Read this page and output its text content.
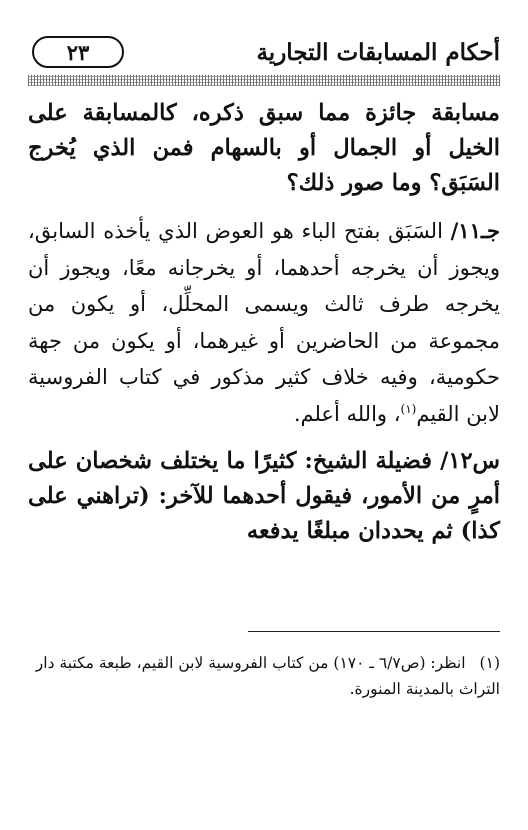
٢٣	أحكام المسابقات التجارية

مسابقة جائزة مما سبق ذكره، كالمسابقة على الخيل أو الجمال أو بالسهام فمن الذي يُخرج السَبَق؟ وما صور ذلك؟

جـ١١/ السَبَق بفتح الباء هو العوض الذي يأخذه السابق، ويجوز أن يخرجه أحدهما، أو يخرجانه معًا، ويجوز أن يخرجه طرف ثالث ويسمى المحلِّل، أو يكون من مجموعة من الحاضرين أو غيرهما، أو يكون من جهة حكومية، وفيه خلاف كثير مذكور في كتاب الفروسية لابن القيم$^{(١)}$، والله أعلم.

س١٢/ فضيلة الشيخ: كثيرًا ما يختلف شخصان على أمرٍ من الأمور، فيقول أحدهما للآخر: (تراهني على كذا) ثم يحددان مبلغًا يدفعه

(١)انظر: (ص٦/٧ ـ ١٧٠) من كتاب الفروسية لابن القيم، طبعة مكتبة دار التراث بالمدينة المنورة.
